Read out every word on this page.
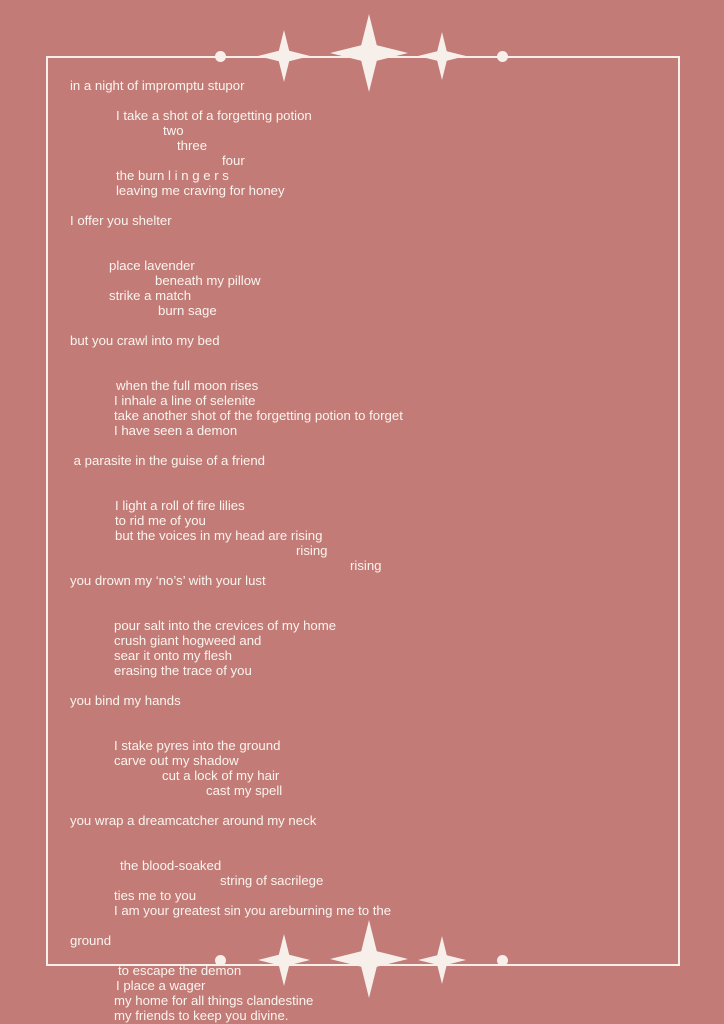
in a night of impromptu stupor
I take a shot of a forgetting potion
two
three
four
the burn l i n g e r s
leaving me craving for honey
I offer you shelter
place lavender
beneath my pillow
strike a match
burn sage
but you crawl into my bed
when the full moon rises
I inhale a line of selenite
take another shot of the forgetting potion to forget
I have seen a demon
a parasite in the guise of a friend
I light a roll of fire lilies
to rid me of you
but the voices in my head are rising
rising
rising
you drown my ‘no’s’ with your lust
pour salt into the crevices of my home
crush giant hogweed and
sear it onto my flesh
erasing the trace of you
you bind my hands
I stake pyres into the ground
carve out my shadow
cut a lock of my hair
cast my spell
you wrap a dreamcatcher around my neck
the blood-soaked
string of sacrilege
ties me to you
I am your greatest sin you areburning me to the
ground
to escape the demon
I place a wager
my home for all things clandestine
my friends to keep you divine.
